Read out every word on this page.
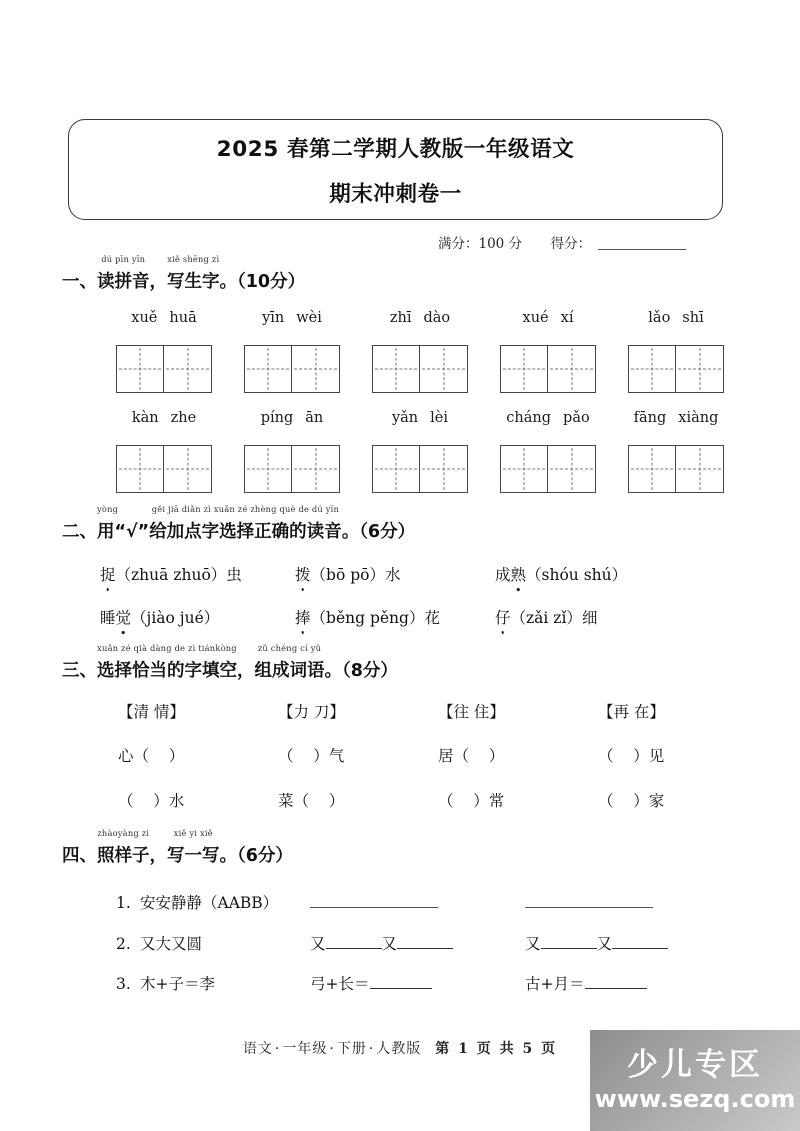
2025 春第二学期人教版一年级语文
期末冲刺卷一
满分：100 分 得分：
一、
dú pīn yīn
读拼音 ，
xiě shēng zì
写生字 。（10分）
xuě huā	yīn wèi	zhī dào	xué xí	lǎo shī
kàn zhe	píng ān	yǎn lèi	cháng pǎo	fāng xiàng
二、
yòng
用 “√”
gěi jiā diǎn zì xuǎn zé zhèng què de dú yīn
给加点字选择正确的读音 。（6分）
捉 （zhuā zhuō） 虫	拨 （bō pō） 水	成 熟 （shóu shú）
睡 觉 （jiào jué）	捧 （běng pěng） 花	仔 （zǎi zǐ） 细
三、
xuǎn zé qià dàng de zì tiánkòng
选择恰当的字填空 ，
zǔ chéng cí yǔ
组成词语 。（8分）
【清 情】	【力 刀】	【往 住】	【再 在】
心（    ）	（    ）气	居（    ）	（    ）见
（    ）水	菜（    ）	（    ）常	（    ）家
四、
zhàoyàng zi
照样子 ，
xiě yi xiě
写一写 。（6分）
1. 安安静静（AABB）
2. 又大又圆	又	又	又	又
3. 木+子＝李	弓+长＝	古+月＝
语文 · 一年级 · 下册 · 人教版 第 1 页 共 5 页	少儿专区
www.sezq.com
